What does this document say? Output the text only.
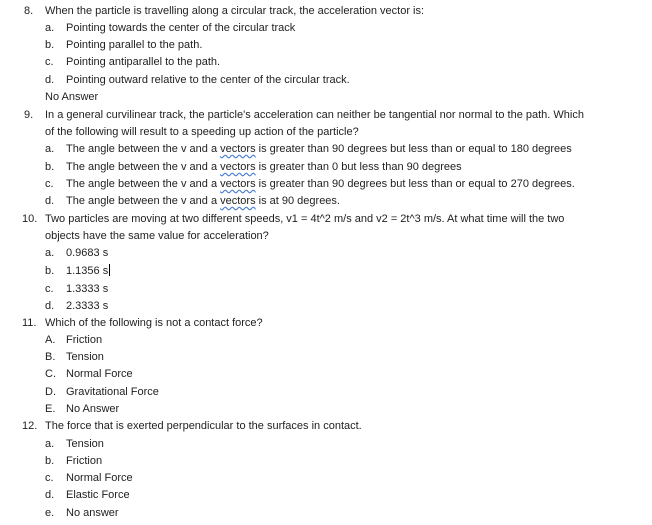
8.	When the particle is travelling along a circular track, the acceleration vector is:
a.	Pointing towards the center of the circular track
b.	Pointing parallel to the path.
c.	Pointing antiparallel to the path.
d.	Pointing outward relative to the center of the circular track.
No Answer
9.	In a general curvilinear track, the particle's acceleration can neither be tangential nor normal to the path. Which
of the following will result to a speeding up action of the particle?
a.	The angle between the v and a vectors is greater than 90 degrees but less than or equal to 180 degrees
b.	The angle between the v and a vectors is greater than 0 but less than 90 degrees
c.	The angle between the v and a vectors is greater than 90 degrees but less than or equal to 270 degrees.
d.	The angle between the v and a vectors is at 90 degrees.
10. Two particles are moving at two different speeds, v1 = 4t^2 m/s and v2 = 2t^3 m/s. At what time will the two
objects have the same value for acceleration?
a.	0.9683 s
b.	1.1356 s
c.	1.3333 s
d.	2.3333 s
11. Which of the following is not a contact force?
A. Friction
B. Tension
C. Normal Force
D. Gravitational Force
E. No Answer
12. The force that is exerted perpendicular to the surfaces in contact.
a.	Tension
b.	Friction
c.	Normal Force
d.	Elastic Force
e.	No answer
